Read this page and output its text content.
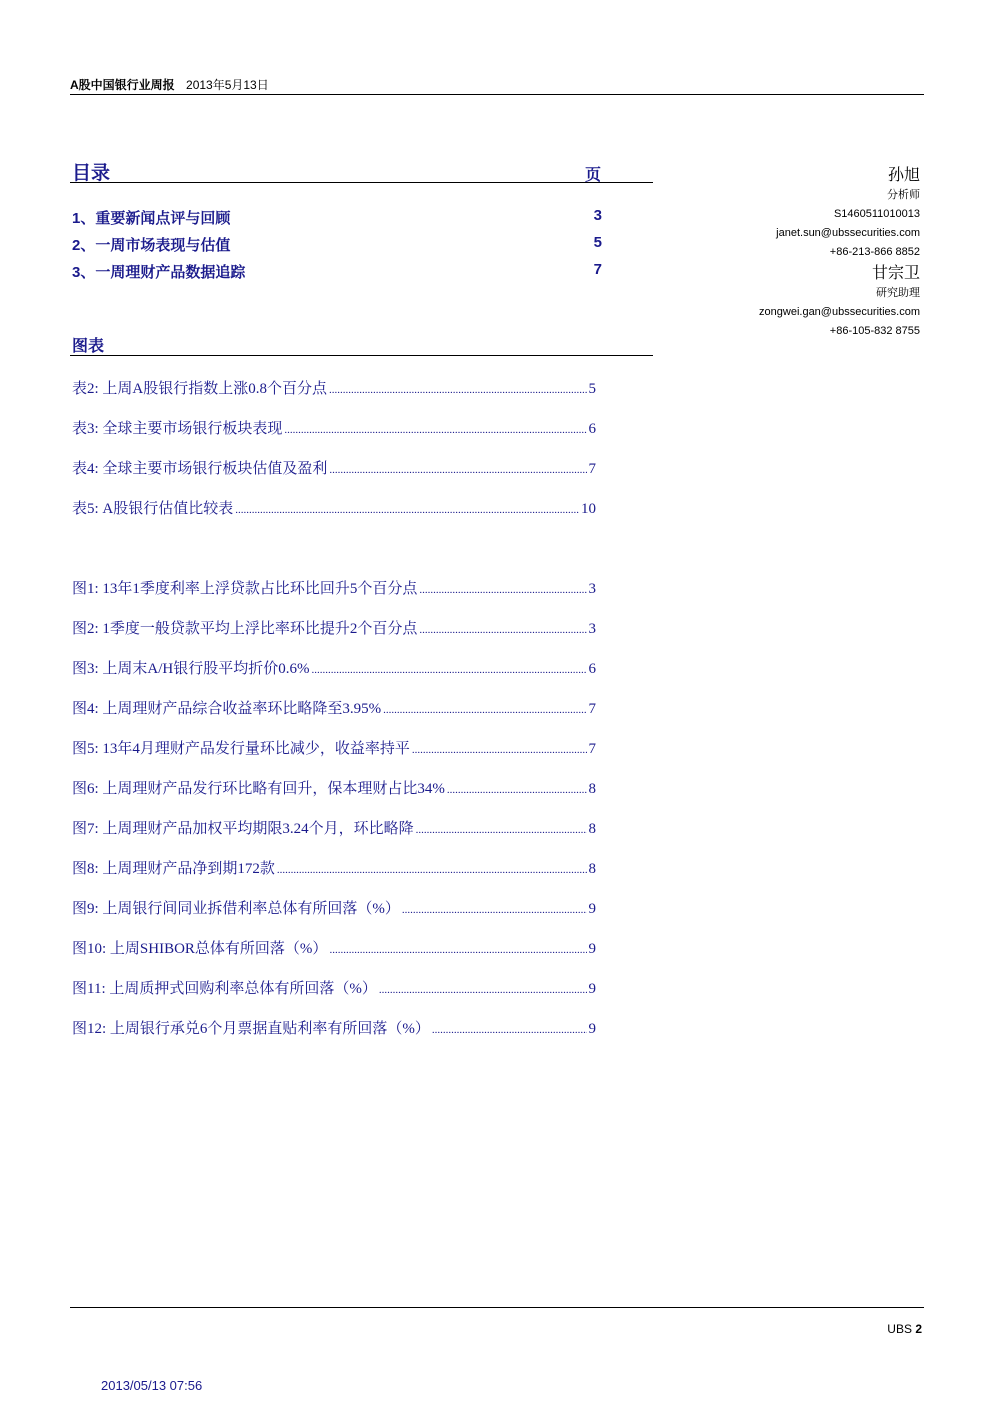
A股中国银行业周报 2013年5月13日
目录	页
1、重要新闻点评与回顾	3
2、一周市场表现与估值	5
3、一周理财产品数据追踪	7
图表
表2: 上周A股银行指数上涨0.8个百分点 .....	5
表3: 全球主要市场银行板块表现 .....	6
表4: 全球主要市场银行板块估值及盈利 .....	7
表5: A股银行估值比较表 .....	10
图1: 13年1季度利率上浮贷款占比环比回升5个百分点 .....	3
图2: 1季度一般贷款平均上浮比率环比提升2个百分点 .....	3
图3: 上周末A/H银行股平均折价0.6% .....	6
图4: 上周理财产品综合收益率环比略降至3.95% .....	7
图5: 13年4月理财产品发行量环比减少，收益率持平 .....	7
图6: 上周理财产品发行环比略有回升，保本理财占比34% .....	8
图7: 上周理财产品加权平均期限3.24个月，环比略降 .....	8
图8: 上周理财产品净到期172款 .....	8
图9: 上周银行间同业拆借利率总体有所回落（%） .....	9
图10: 上周SHIBOR总体有所回落（%） .....	9
图11: 上周质押式回购利率总体有所回落（%） .....	9
图12: 上周银行承兑6个月票据直贴利率有所回落（%） .....	9
孙旭
分析师
S1460511010013
janet.sun@ubssecurities.com
+86-213-866 8852
甘宗卫
研究助理
zongwei.gan@ubssecurities.com
+86-105-832 8755
UBS 2
2013/05/13 07:56
